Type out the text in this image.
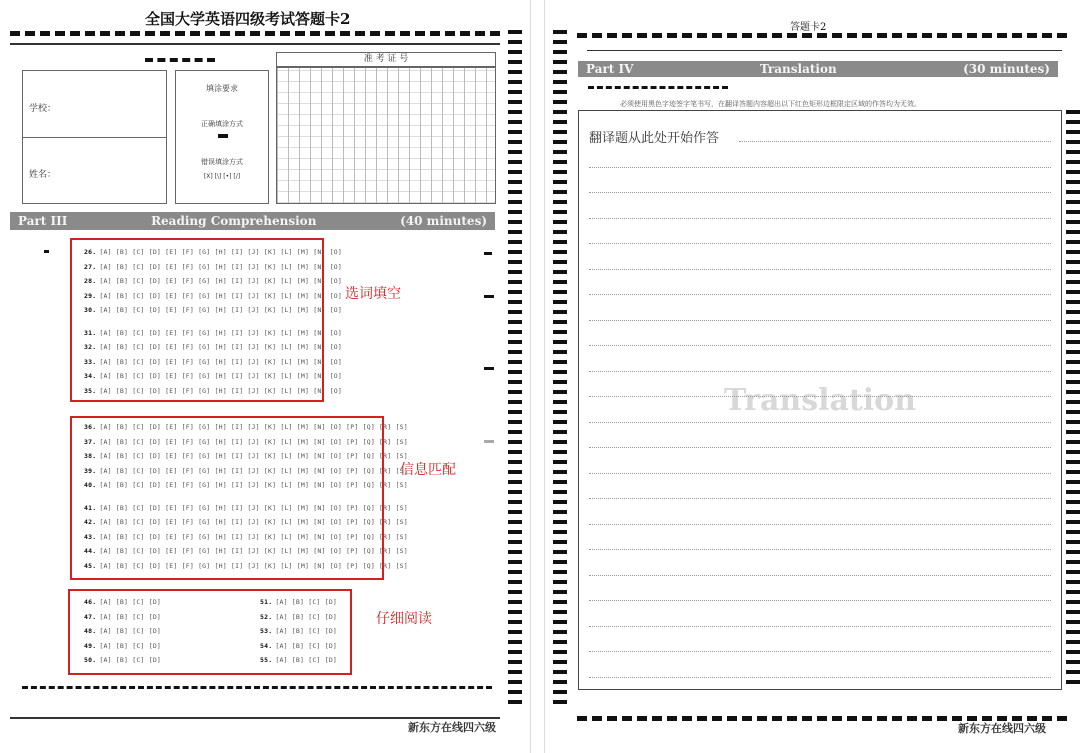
全国大学英语四级考试答题卡2
学校：
姓名：
填涂要求
正确填涂方式
错误填涂方式
[X] [\] [•] [/]
准 考 证 号
Part III	Reading Comprehension	(40 minutes)
26. [A] [B] [C] [D] [E] [F] [G] [H] [I] [J] [K] [L] [M] [N] [O]
27. [A] [B] [C] [D] [E] [F] [G] [H] [I] [J] [K] [L] [M] [N] [O]
28. [A] [B] [C] [D] [E] [F] [G] [H] [I] [J] [K] [L] [M] [N] [O]
29. [A] [B] [C] [D] [E] [F] [G] [H] [I] [J] [K] [L] [M] [N] [O]
30. [A] [B] [C] [D] [E] [F] [G] [H] [I] [J] [K] [L] [M] [N] [O]
31. [A] [B] [C] [D] [E] [F] [G] [H] [I] [J] [K] [L] [M] [N] [O]
32. [A] [B] [C] [D] [E] [F] [G] [H] [I] [J] [K] [L] [M] [N] [O]
33. [A] [B] [C] [D] [E] [F] [G] [H] [I] [J] [K] [L] [M] [N] [O]
34. [A] [B] [C] [D] [E] [F] [G] [H] [I] [J] [K] [L] [M] [N] [O]
35. [A] [B] [C] [D] [E] [F] [G] [H] [I] [J] [K] [L] [M] [N] [O]
选词填空
36. [A] [B] [C] [D] [E] [F] [G] [H] [I] [J] [K] [L] [M] [N] [O] [P] [Q] [R] [S]
37. [A] [B] [C] [D] [E] [F] [G] [H] [I] [J] [K] [L] [M] [N] [O] [P] [Q] [R] [S]
38. [A] [B] [C] [D] [E] [F] [G] [H] [I] [J] [K] [L] [M] [N] [O] [P] [Q] [R] [S]
39. [A] [B] [C] [D] [E] [F] [G] [H] [I] [J] [K] [L] [M] [N] [O] [P] [Q] [R] [S]
40. [A] [B] [C] [D] [E] [F] [G] [H] [I] [J] [K] [L] [M] [N] [O] [P] [Q] [R] [S]
41. [A] [B] [C] [D] [E] [F] [G] [H] [I] [J] [K] [L] [M] [N] [O] [P] [Q] [R] [S]
42. [A] [B] [C] [D] [E] [F] [G] [H] [I] [J] [K] [L] [M] [N] [O] [P] [Q] [R] [S]
43. [A] [B] [C] [D] [E] [F] [G] [H] [I] [J] [K] [L] [M] [N] [O] [P] [Q] [R] [S]
44. [A] [B] [C] [D] [E] [F] [G] [H] [I] [J] [K] [L] [M] [N] [O] [P] [Q] [R] [S]
45. [A] [B] [C] [D] [E] [F] [G] [H] [I] [J] [K] [L] [M] [N] [O] [P] [Q] [R] [S]
信息匹配
46. [A] [B] [C] [D]
47. [A] [B] [C] [D]
48. [A] [B] [C] [D]
49. [A] [B] [C] [D]
50. [A] [B] [C] [D]
51. [A] [B] [C] [D]
52. [A] [B] [C] [D]
53. [A] [B] [C] [D]
54. [A] [B] [C] [D]
55. [A] [B] [C] [D]
仔细阅读
新东方在线四六级
答题卡2
Part IV	Translation	(30 minutes)
必须使用黑色字迹签字笔书写，在翻译答题内容超出以下红色矩形边框限定区域的作答均为无效。
翻译题从此处开始作答
Translation
新东方在线四六级
